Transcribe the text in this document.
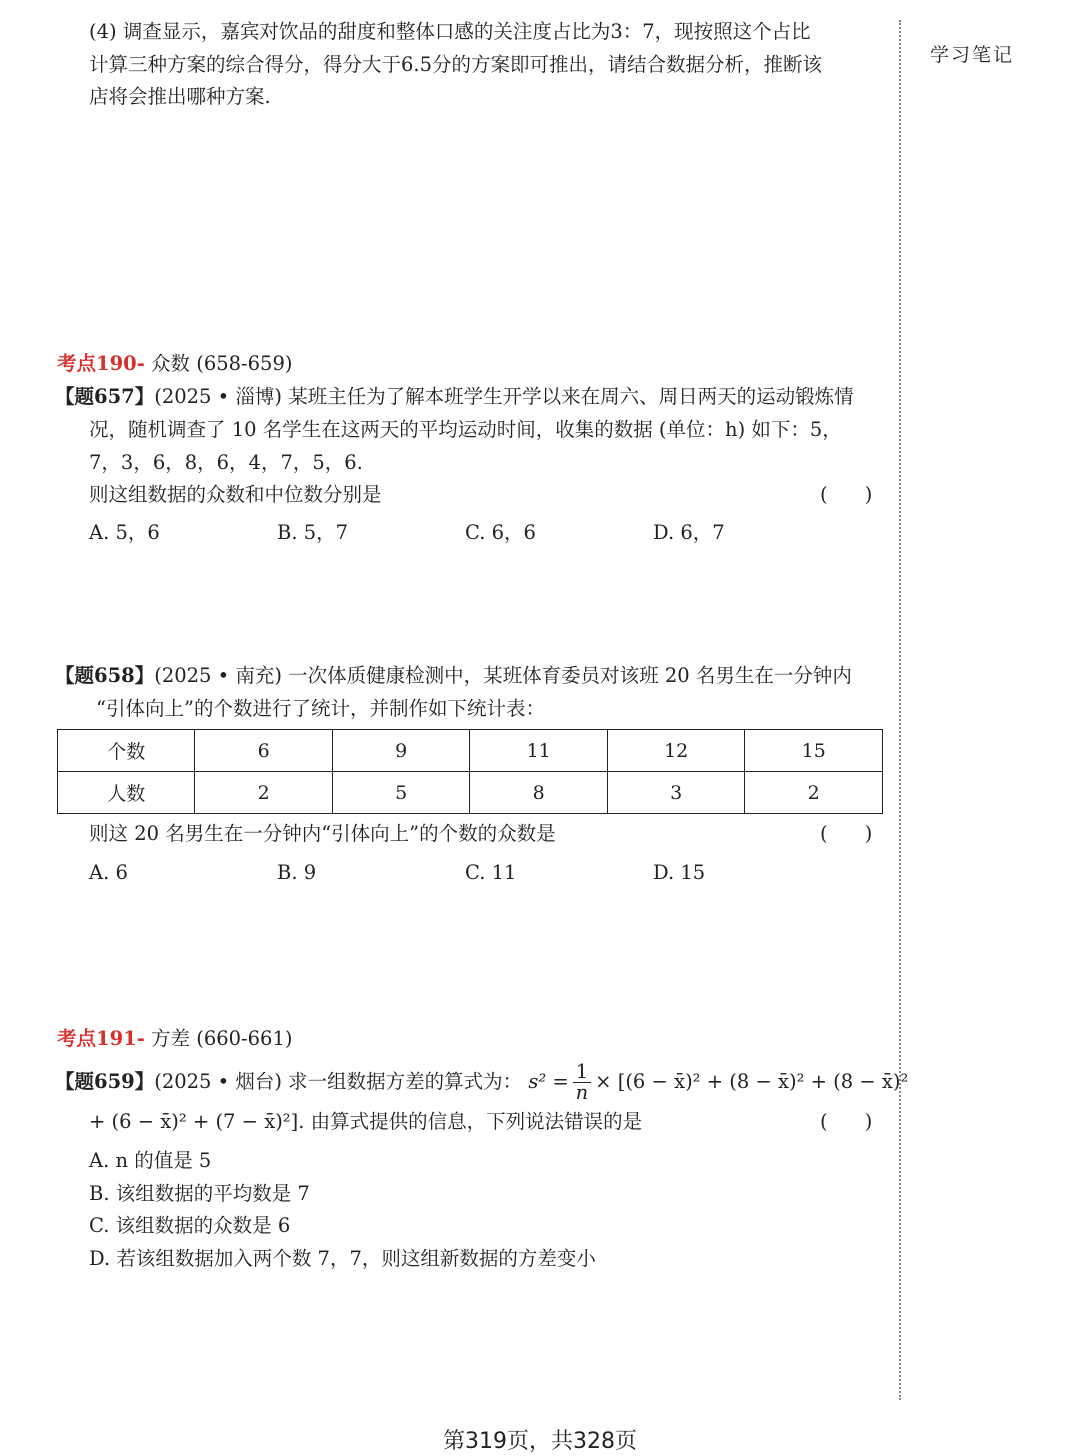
(4) 调查显示，嘉宾对饮品的甜度和整体口感的关注度占比为3：7，现按照这个占比
计算三种方案的综合得分，得分大于6.5分的方案即可推出，请结合数据分析，推断该
店将会推出哪种方案.
学习笔记
考点190- 众数 (658-659)
【题657】(2025 • 淄博) 某班主任为了解本班学生开学以来在周六、周日两天的运动锻炼情
况，随机调查了 10 名学生在这两天的平均运动时间，收集的数据 (单位：h) 如下：5，
7，3，6，8，6，4，7，5，6.
则这组数据的众数和中位数分别是	(      )
A. 5，6	B. 5，7	C. 6，6	D. 6，7
【题658】(2025 • 南充) 一次体质健康检测中，某班体育委员对该班 20 名男生在一分钟内
“引体向上”的个数进行了统计，并制作如下统计表：
个数	6	9	11	12	15
人数	2	5	8	3	2
则这 20 名男生在一分钟内“引体向上”的个数的众数是	(      )
A. 6	B. 9	C. 11	D. 15
考点191- 方差 (660-661)
【题659】(2025 • 烟台) 求一组数据方差的算式为： $s^2 = \frac{1}{n} \times [(6$ − x̄)² + (8 − x̄)² + (8 − x̄)²
+ (6 − x̄)² + (7 − x̄)²]. 由算式提供的信息，下列说法错误的是	(      )
A. n 的值是 5
B. 该组数据的平均数是 7
C. 该组数据的众数是 6
D. 若该组数据加入两个数 7，7，则这组新数据的方差变小
第319页，共328页
